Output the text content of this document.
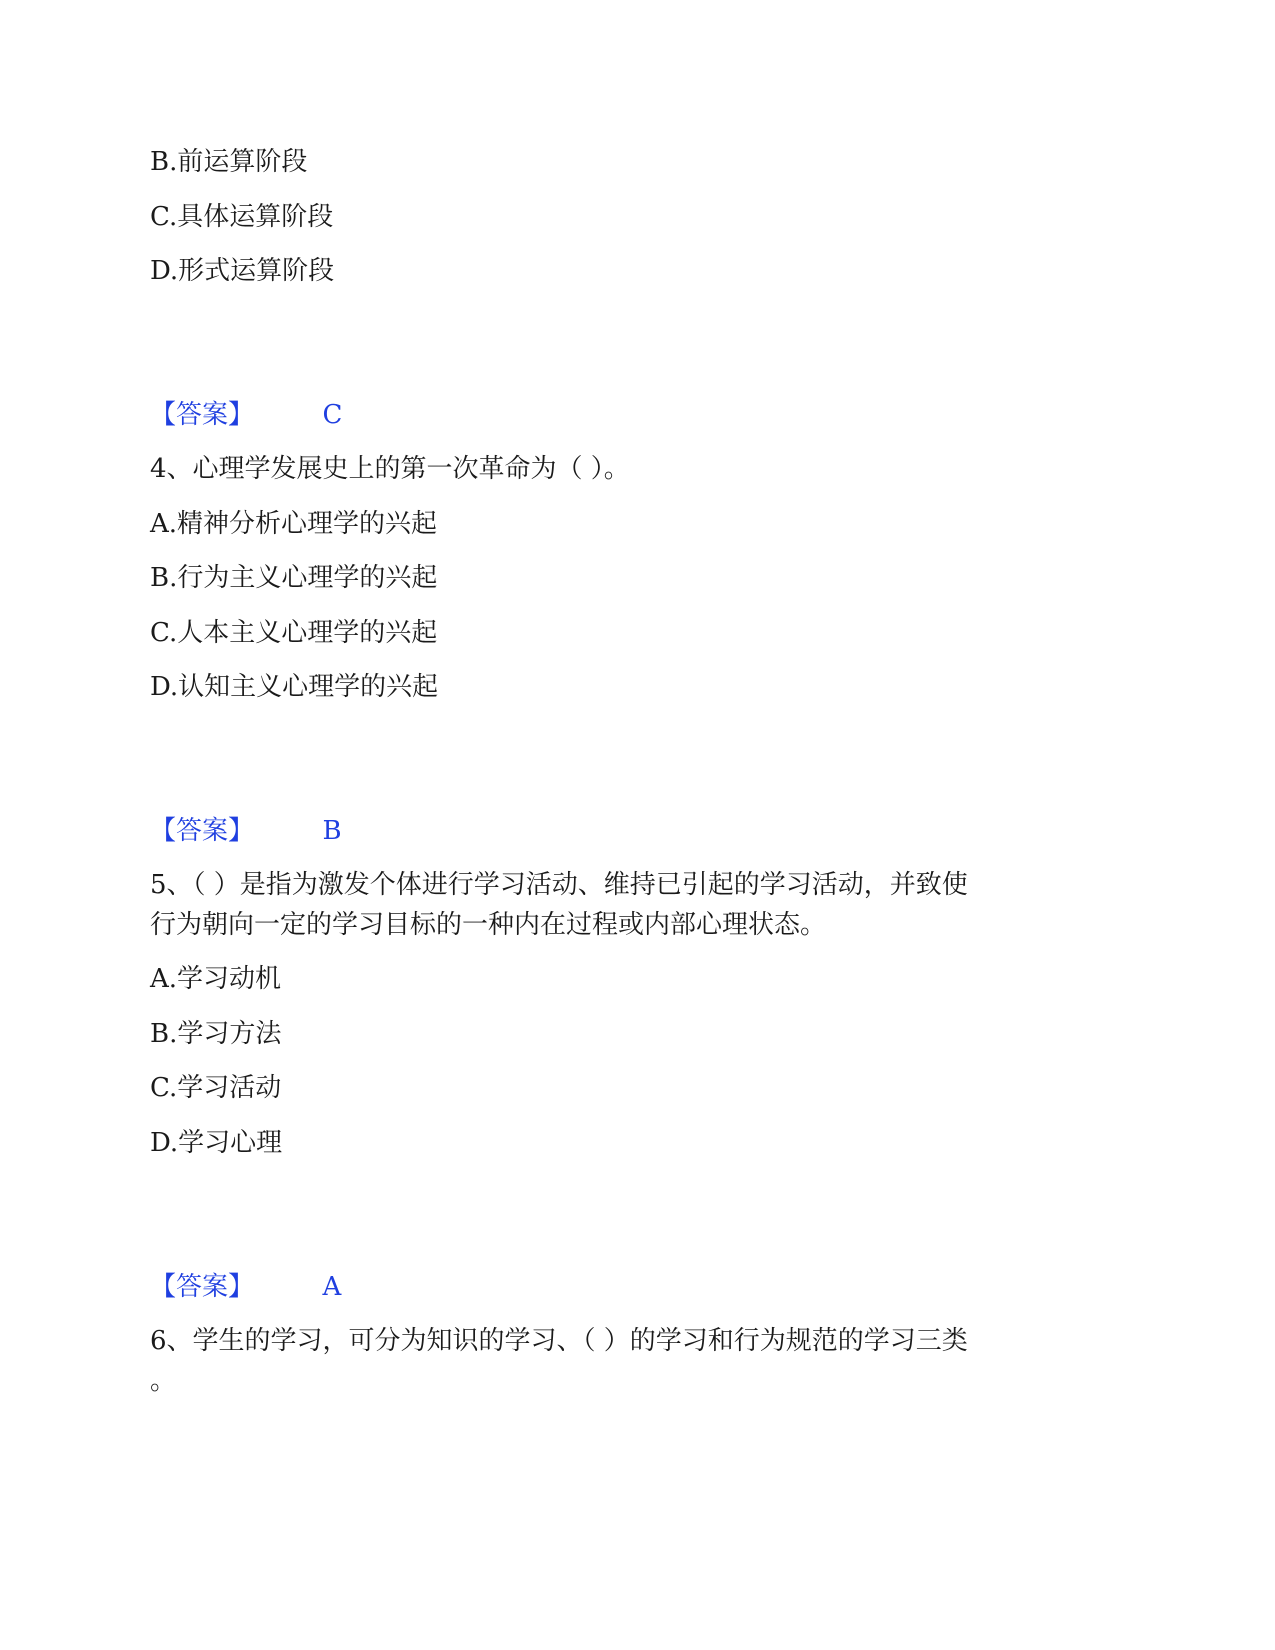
B.前运算阶段
C.具体运算阶段
D.形式运算阶段
【答案】	C
4、心理学发展史上的第一次革命为（ ）。
A.精神分析心理学的兴起
B.行为主义心理学的兴起
C.人本主义心理学的兴起
D.认知主义心理学的兴起
【答案】	B
5、（ ）是指为激发个体进行学习活动、维持已引起的学习活动，并致使
行为朝向一定的学习目标的一种内在过程或内部心理状态。
A.学习动机
B.学习方法
C.学习活动
D.学习心理
【答案】	A
6、学生的学习，可分为知识的学习、（ ）的学习和行为规范的学习三类
。
